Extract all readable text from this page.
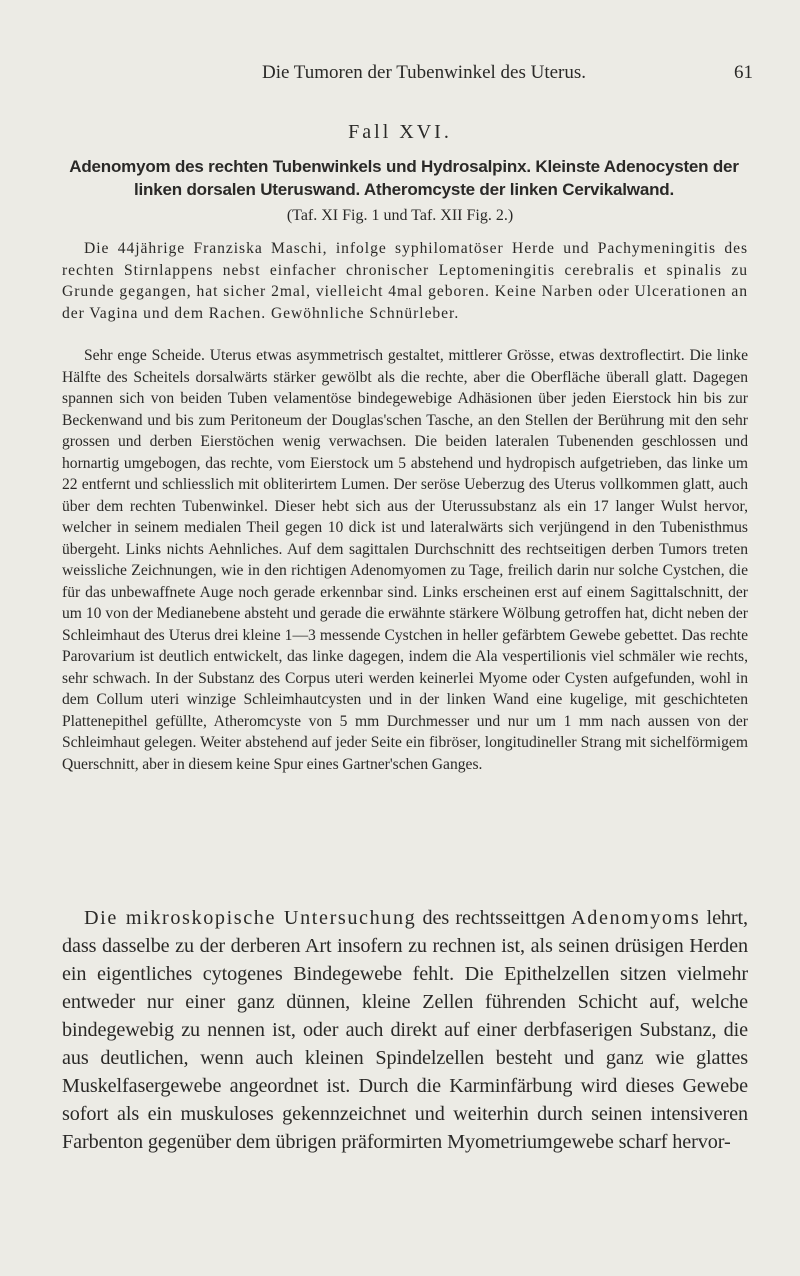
Die Tumoren der Tubenwinkel des Uterus.	61
Fall XVI.
Adenomyom des rechten Tubenwinkels und Hydrosalpinx. Kleinste Adenocysten der linken dorsalen Uteruswand. Atheromcyste der linken Cervikalwand.
(Taf. XI Fig. 1 und Taf. XII Fig. 2.)

Die 44jährige Franziska Maschi, infolge syphilomatöser Herde und Pachymeningitis des rechten Stirnlappens nebst einfacher chronischer Leptomeningitis cerebralis et spinalis zu Grunde gegangen, hat sicher 2mal, vielleicht 4mal geboren. Keine Narben oder Ulcerationen an der Vagina und dem Rachen. Gewöhnliche Schnürleber.

Sehr enge Scheide. Uterus etwas asymmetrisch gestaltet, mittlerer Grösse, etwas dextroflectirt. Die linke Hälfte des Scheitels dorsalwärts stärker gewölbt als die rechte, aber die Oberfläche überall glatt. Dagegen spannen sich von beiden Tuben velamentöse bindegewebige Adhäsionen über jeden Eierstock hin bis zur Beckenwand und bis zum Peritoneum der Douglas'schen Tasche, an den Stellen der Berührung mit den sehr grossen und derben Eierstöchen wenig verwachsen. Die beiden lateralen Tubenenden geschlossen und hornartig umgebogen, das rechte, vom Eierstock um 5 abstehend und hydropisch aufgetrieben, das linke um 22 entfernt und schliesslich mit obliterirtem Lumen. Der seröse Ueberzug des Uterus vollkommen glatt, auch über dem rechten Tubenwinkel. Dieser hebt sich aus der Uterussubstanz als ein 17 langer Wulst hervor, welcher in seinem medialen Theil gegen 10 dick ist und lateralwärts sich verjüngend in den Tubenisthmus übergeht. Links nichts Aehnliches. Auf dem sagittalen Durchschnitt des rechtseitigen derben Tumors treten weissliche Zeichnungen, wie in den richtigen Adenomyomen zu Tage, freilich darin nur solche Cystchen, die für das unbewaffnete Auge noch gerade erkennbar sind. Links erscheinen erst auf einem Sagittalschnitt, der um 10 von der Medianebene absteht und gerade die erwähnte stärkere Wölbung getroffen hat, dicht neben der Schleimhaut des Uterus drei kleine 1—3 messende Cystchen in heller gefärbtem Gewebe gebettet. Das rechte Parovarium ist deutlich entwickelt, das linke dagegen, indem die Ala vespertilionis viel schmäler wie rechts, sehr schwach. In der Substanz des Corpus uteri werden keinerlei Myome oder Cysten aufgefunden, wohl in dem Collum uteri winzige Schleimhautcysten und in der linken Wand eine kugelige, mit geschichteten Plattenepithel gefüllte, Atheromcyste von 5 mm Durchmesser und nur um 1 mm nach aussen von der Schleimhaut gelegen. Weiter abstehend auf jeder Seite ein fibröser, longitudineller Strang mit sichelförmigem Querschnitt, aber in diesem keine Spur eines Gartner'schen Ganges.

Die mikroskopische Untersuchung des rechtsseittgen Adenomyoms lehrt, dass dasselbe zu der derberen Art insofern zu rechnen ist, als seinen drüsigen Herden ein eigentliches cytogenes Bindegewebe fehlt. Die Epithelzellen sitzen vielmehr entweder nur einer ganz dünnen, kleine Zellen führenden Schicht auf, welche bindegewebig zu nennen ist, oder auch direkt auf einer derbfaserigen Substanz, die aus deutlichen, wenn auch kleinen Spindelzellen besteht und ganz wie glattes Muskelfasergewebe angeordnet ist. Durch die Karminfärbung wird dieses Gewebe sofort als ein muskuloses gekennzeichnet und weiterhin durch seinen intensiveren Farbenton gegenüber dem übrigen präformirten Myometriumgewebe scharf hervor-
